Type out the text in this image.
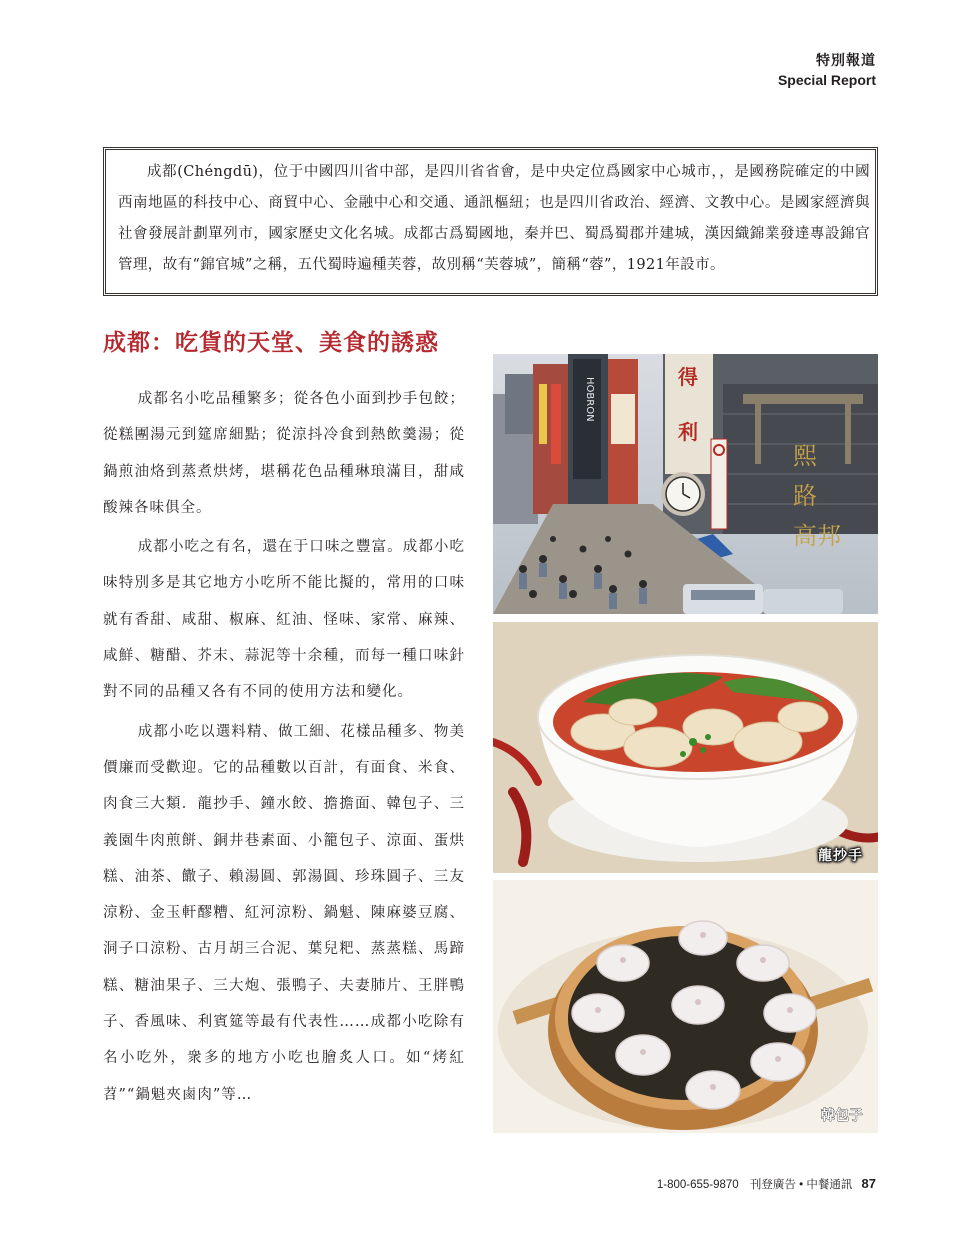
特別報道
Special Report

成都(Chéngdū)，位于中國四川省中部，是四川省省會，是中央定位爲國家中心城市，，是國務院確定的中國西南地區的科技中心、商貿中心、金融中心和交通、通訊樞紐；也是四川省政治、經濟、文教中心。是國家經濟與社會發展計劃單列市，國家歷史文化名城。成都古爲蜀國地，秦并巴、蜀爲蜀郡并建城，漢因織錦業發達專設錦官管理，故有“錦官城”之稱，五代蜀時遍種芙蓉，故別稱“芙蓉城”，簡稱“蓉”，1921年設市。

成都：吃貨的天堂、美食的誘惑

成都名小吃品種繁多；從各色小面到抄手包餃；從糕團湯元到筵席細點；從涼抖冷食到熱飲羹湯；從鍋煎油烙到蒸煮烘烤，堪稱花色品種琳琅滿目，甜咸酸辣各味俱全。

成都小吃之有名，還在于口味之豐富。成都小吃味特別多是其它地方小吃所不能比擬的，常用的口味就有香甜、咸甜、椒麻、紅油、怪味、家常、麻辣、咸鮮、糖醋、芥末、蒜泥等十余種，而每一種口味針對不同的品種又各有不同的使用方法和變化。

成都小吃以選料精、做工細、花樣品種多、物美價廉而受歡迎。它的品種數以百計，有面食、米食、肉食三大類．龍抄手、鐘水餃、擔擔面、韓包子、三義園牛肉煎餅、銅井巷素面、小籠包子、涼面、蛋烘糕、油茶、饊子、賴湯圓、郭湯圓、珍珠圓子、三友涼粉、金玉軒醪糟、紅河涼粉、鍋魁、陳麻婆豆腐、洞子口涼粉、古月胡三合泥、葉兒粑、蒸蒸糕、馬蹄糕、糖油果子、三大炮、張鴨子、夫妻肺片、王胖鴨子、香風味、利賓筵等最有代表性……成都小吃除有名小吃外，衆多的地方小吃也膾炙人口。如“烤紅苕”“鍋魁夾鹵肉”等…

HOBRON	得
利
熙
路
高邦
龍抄手
韓包子
1-800-655-9870 刊登廣告 • 中餐通訊 87
